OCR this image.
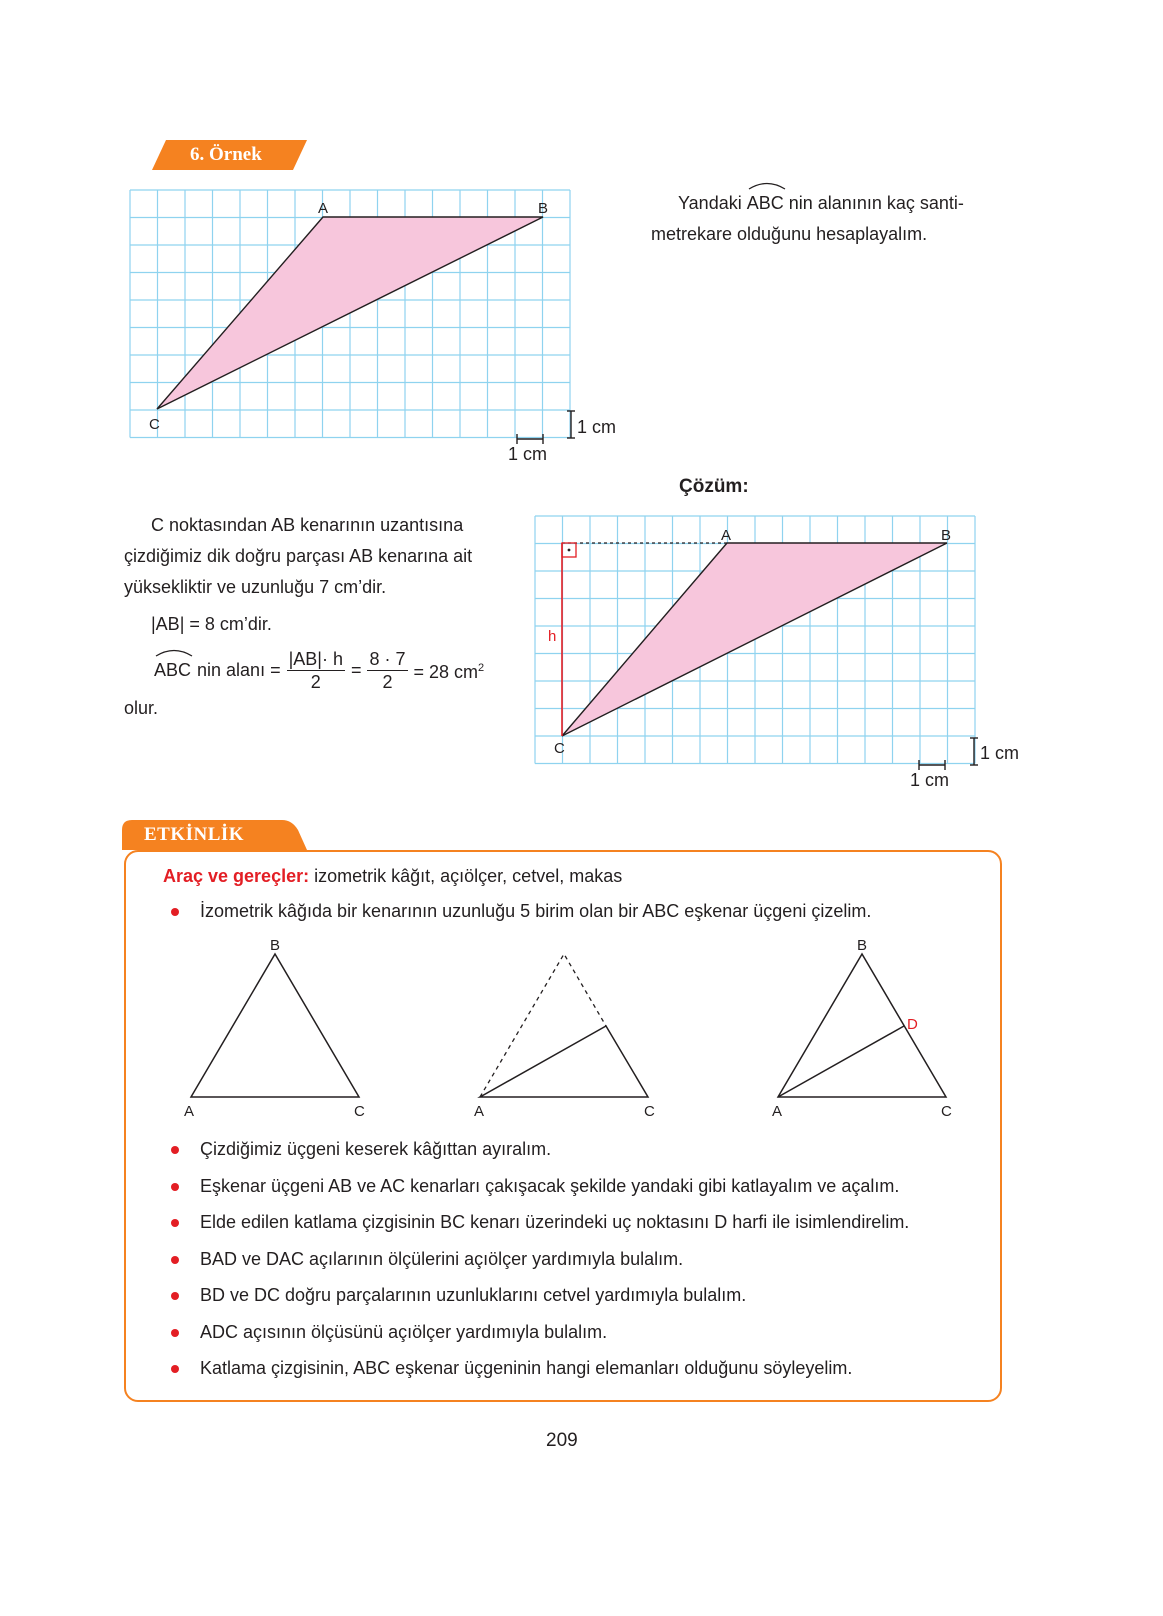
6. Örnek
A	B
C	1 cm
1 cm
Yandaki ABC nin alanının kaç santi-
metrekare olduğunu hesaplayalım.
Çözüm:
C noktasından AB kenarının uzantısına
çizdiğimiz dik doğru parçası AB kenarına ait
yüksekliktir ve uzunluğu 7 cm’dir.
|AB| = 8 cm’dir.
ABC nin alanı = $\frac{|AB|\cdot h}{2} = \frac{8 \cdot 7}{2} = 28$ $cm^2$
olur.
h
A	B
C	1 cm
1 cm
ETKİNLİK
Araç ve gereçler: izometrik kâğıt, açıölçer, cetvel, makas
İzometrik kâğıda bir kenarının uzunluğu 5 birim olan bir ABC eşkenar üçgeni çizelim.
B
A	C	A	C
B
A	C
D
Çizdiğimiz üçgeni keserek kâğıttan ayıralım.
Eşkenar üçgeni AB ve AC kenarları çakışacak şekilde yandaki gibi katlayalım ve açalım.
Elde edilen katlama çizgisinin BC kenarı üzerindeki uç noktasını D harfi ile isimlendirelim.
BAD ve DAC açılarının ölçülerini açıölçer yardımıyla bulalım.
BD ve DC doğru parçalarının uzunluklarını cetvel yardımıyla bulalım.
ADC açısının ölçüsünü açıölçer yardımıyla bulalım.
Katlama çizgisinin, ABC eşkenar üçgeninin hangi elemanları olduğunu söyleyelim.
209
